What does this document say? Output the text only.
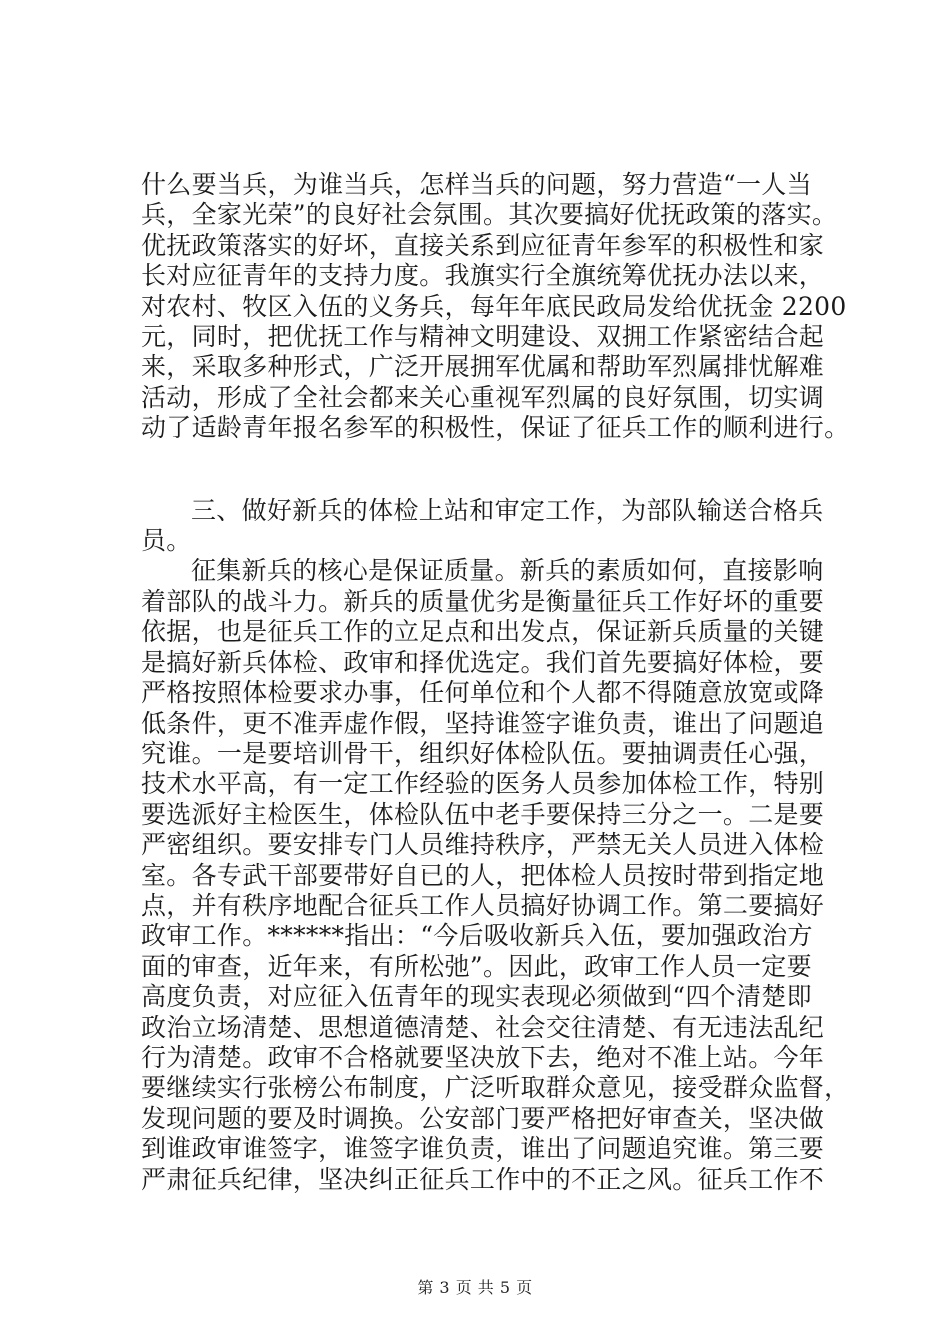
什么要当兵，为谁当兵，怎样当兵的问题，努力营造“一人当
兵，全家光荣”的良好社会氛围。其次要搞好优抚政策的落实。
优抚政策落实的好坏，直接关系到应征青年参军的积极性和家
长对应征青年的支持力度。我旗实行全旗统筹优抚办法以来，
对农村、牧区入伍的义务兵，每年年底民政局发给优抚金 2200
元，同时，把优抚工作与精神文明建设、双拥工作紧密结合起
来，采取多种形式，广泛开展拥军优属和帮助军烈属排忧解难
活动，形成了全社会都来关心重视军烈属的良好氛围，切实调
动了适龄青年报名参军的积极性，保证了征兵工作的顺利进行。
三、做好新兵的体检上站和审定工作，为部队输送合格兵
员。
征集新兵的核心是保证质量。新兵的素质如何，直接影响
着部队的战斗力。新兵的质量优劣是衡量征兵工作好坏的重要
依据，也是征兵工作的立足点和出发点，保证新兵质量的关键
是搞好新兵体检、政审和择优选定。我们首先要搞好体检，要
严格按照体检要求办事，任何单位和个人都不得随意放宽或降
低条件，更不准弄虚作假，坚持谁签字谁负责，谁出了问题追
究谁。一是要培训骨干，组织好体检队伍。要抽调责任心强，
技术水平高，有一定工作经验的医务人员参加体检工作，特别
要选派好主检医生，体检队伍中老手要保持三分之一。二是要
严密组织。要安排专门人员维持秩序，严禁无关人员进入体检
室。各专武干部要带好自已的人，把体检人员按时带到指定地
点，并有秩序地配合征兵工作人员搞好协调工作。第二要搞好
政审工作。******指出：“今后吸收新兵入伍，要加强政治方
面的审查，近年来，有所松弛”。因此，政审工作人员一定要
高度负责，对应征入伍青年的现实表现必须做到“四个清楚即
政治立场清楚、思想道德清楚、社会交往清楚、有无违法乱纪
行为清楚。政审不合格就要坚决放下去，绝对不准上站。今年
要继续实行张榜公布制度，广泛听取群众意见，接受群众监督，
发现问题的要及时调换。公安部门要严格把好审查关，坚决做
到谁政审谁签字，谁签字谁负责，谁出了问题追究谁。第三要
严肃征兵纪律，坚决纠正征兵工作中的不正之风。征兵工作不
第 3 页 共 5 页
